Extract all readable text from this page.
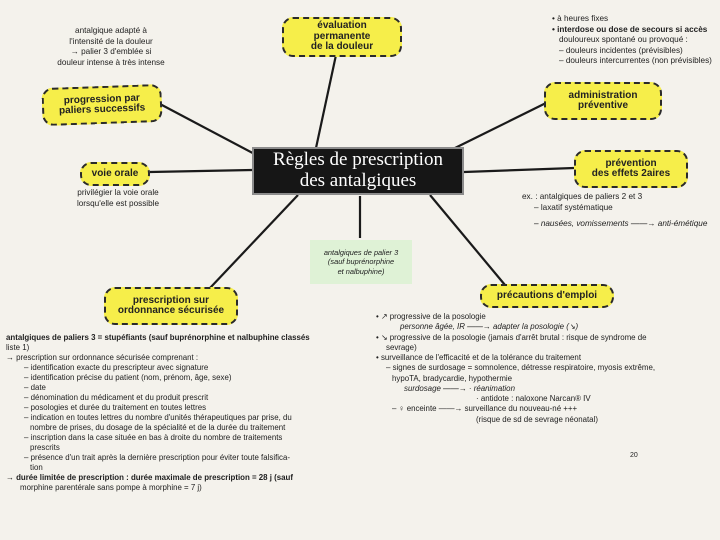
Règles de prescription
des antalgiques
évaluation permanente
de la douleur
progression par
paliers successifs
voie orale
administration
préventive
prévention
des effets 2aires
prescription sur
ordonnance sécurisée
précautions d'emploi
antalgiques de palier 3
(sauf buprénorphine
et nalbuphine)
antalgique adapté à
l'intensité de la douleur
→ palier 3 d'emblée si
douleur intense à très intense
privilégier la voie orale
lorsqu'elle est possible
• à heures fixes
• interdose ou dose de secours si accès
douloureux spontané ou provoqué :
– douleurs incidentes (prévisibles)
– douleurs intercurrentes (non prévisibles)
ex. : antalgiques de paliers 2 et 3
– laxatif systématique
– nausées, vomissements ——→ anti-émétique
antalgiques de paliers 3 = stupéfiants (sauf buprénorphine et nalbuphine classés
liste 1)
→ prescription sur ordonnance sécurisée comprenant :
– identification exacte du prescripteur avec signature
– identification précise du patient (nom, prénom, âge, sexe)
– date
– dénomination du médicament et du produit prescrit
– posologies et durée du traitement en toutes lettres
– indication en toutes lettres du nombre d'unités thérapeutiques par prise, du
nombre de prises, du dosage de la spécialité et de la durée du traitement
– inscription dans la case située en bas à droite du nombre de traitements
prescrits
– présence d'un trait après la dernière prescription pour éviter toute falsifica-
tion
→ durée limitée de prescription : durée maximale de prescription = 28 j (sauf
morphine parentérale sans pompe à morphine = 7 j)
• ↗ progressive de la posologie
personne âgée, IR ——→ adapter la posologie (↘)
• ↘ progressive de la posologie (jamais d'arrêt brutal : risque de syndrome de
sevrage)
• surveillance de l'efficacité et de la tolérance du traitement
– signes de surdosage = somnolence, détresse respiratoire, myosis extrême,
hypoTA, bradycardie, hypothermie
surdosage ——→ · réanimation
· antidote : naloxone Narcan® IV
– ♀ enceinte ——→ surveillance du nouveau-né +++
(risque de sd de sevrage néonatal)
20
